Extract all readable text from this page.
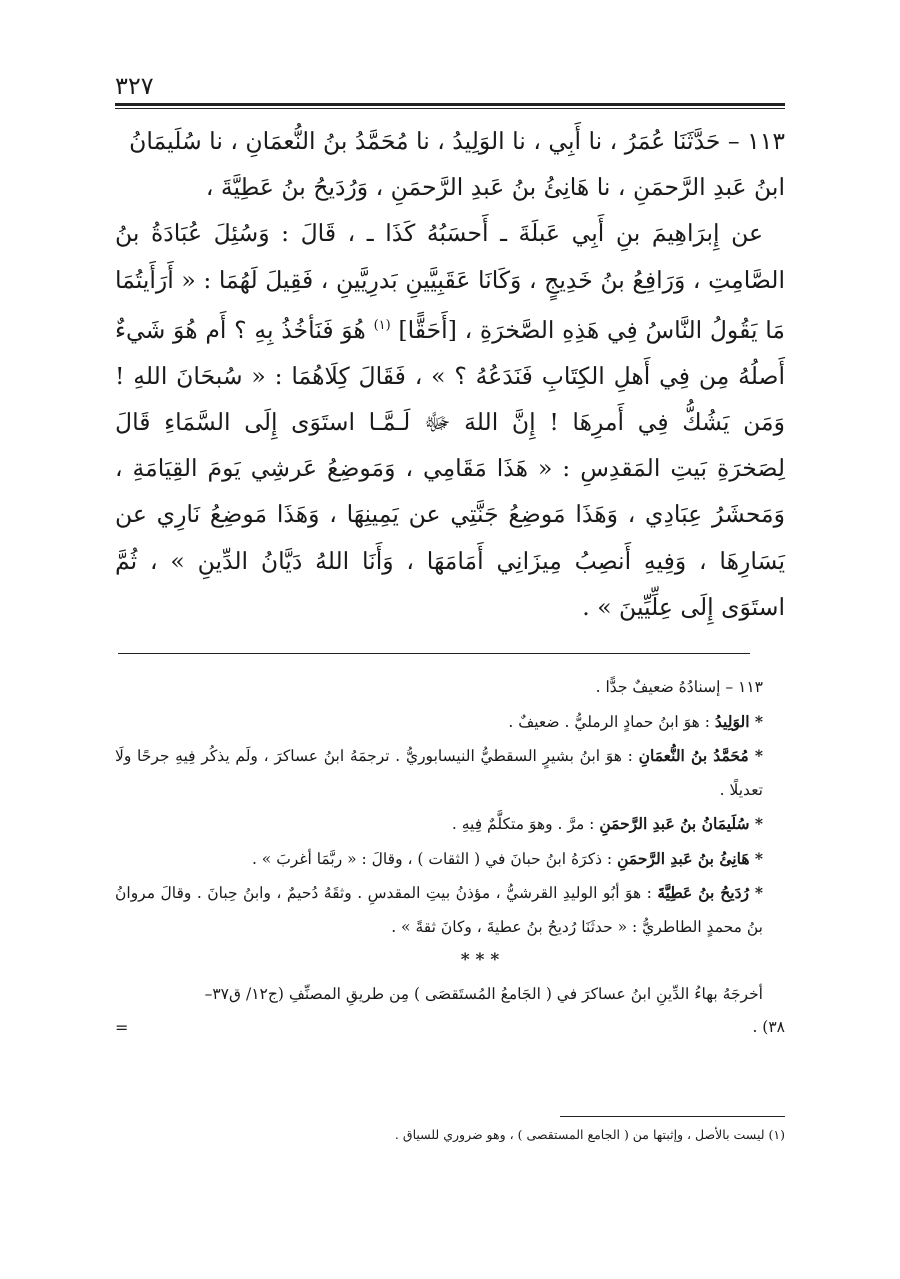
٣٢٧

١١٣ – حَدَّثَنَا عُمَرُ ، نا أَبِي ، نا الوَلِيدُ ، نا مُحَمَّدُ بنُ النُّعمَانِ ، نا سُلَيمَانُ

ابنُ عَبدِ الرَّحمَنِ ، نا هَانِئُ بنُ عَبدِ الرَّحمَنِ ، وَرُدَيحُ بنُ عَطِيَّةَ ،

عن إِبرَاهِيمَ بنِ أَبِي عَبلَةَ ـ أَحسَبُهُ كَذَا ـ ، قَالَ : وَسُئِلَ عُبَادَةُ بنُ الصَّامِتِ ، وَرَافِعُ بنُ خَدِيجٍ ، وَكَانَا عَقَبِيَّينِ بَدرِيَّينِ ، فَقِيلَ لَهُمَا : « أَرَأَيتُمَا مَا يَقُولُ النَّاسُ فِي هَذِهِ الصَّخرَةِ ، [أَحَقًّا] $^{(١)}$ هُوَ فَنَأخُذُ بِهِ ؟ أَم هُوَ شَيءٌ أَصلُهُ مِن فِي أَهلِ الكِتَابِ فَنَدَعُهُ ؟ » ، فَقَالَ كِلَاهُمَا : « سُبحَانَ اللهِ ! وَمَن يَشُكُّ فِي أَمرِهَا ! إِنَّ اللهَ ﷻ لَـمَّـا استَوَى إِلَى السَّمَاءِ قَالَ لِصَخرَةِ بَيتِ المَقدِسِ : « هَذَا مَقَامِي ، وَمَوضِعُ عَرشِي يَومَ القِيَامَةِ ، وَمَحشَرُ عِبَادِي ، وَهَذَا مَوضِعُ جَنَّتِي عن يَمِينِهَا ، وَهَذَا مَوضِعُ نَارِي عن يَسَارِهَا ، وَفِيهِ أَنصِبُ مِيزَانِي أَمَامَهَا ، وَأَنَا اللهُ دَيَّانُ الدِّينِ » ، ثُمَّ استَوَى إِلَى عِلِّيِّينَ » .

١١٣ – إسنادُهُ ضعيفٌ جدًّا .

* الوَلِيدُ : هوَ ابنُ حمادٍ الرمليُّ . ضعيفٌ .

* مُحَمَّدُ بنُ النُّعمَانِ : هوَ ابنُ بشيرٍ السقطيُّ النيسابوريُّ . ترجمَهُ ابنُ عساكرَ ، ولَم يذكُر فِيهِ جرحًا ولَا تعديلًا .

* سُلَيمَانُ بنُ عَبدِ الرَّحمَنِ : مرَّ . وهوَ متكلَّمٌ فِيهِ .

* هَانِئُ بنُ عَبدِ الرَّحمَنِ : ذكرَهُ ابنُ حبانَ في ( الثقات ) ، وقالَ : « ربَّمَا أغربَ » .

* رُدَيحُ بنُ عَطِيَّةَ : هوَ أبُو الوليدِ القرشيُّ ، مؤذنُ بيتِ المقدسِ . وثقَهُ دُحيمٌ ، وابنُ حِبانَ . وقالَ مروانُ بنُ محمدٍ الطاطريُّ : « حدثَنَا رُديحُ بنُ عطيةَ ، وكانَ ثقةً » .

* * *

أخرجَهُ بهاءُ الدِّينِ ابنُ عساكرَ في ( الجَامعُ المُستَقصَى ) مِن طريقِ المصنِّفِ (ج١٢/ ق٣٧–

٣٨) .
=

(١) ليست بالأصل ، وإثبتها من ( الجامع المستقصى ) ، وهو ضروري للسياق .
